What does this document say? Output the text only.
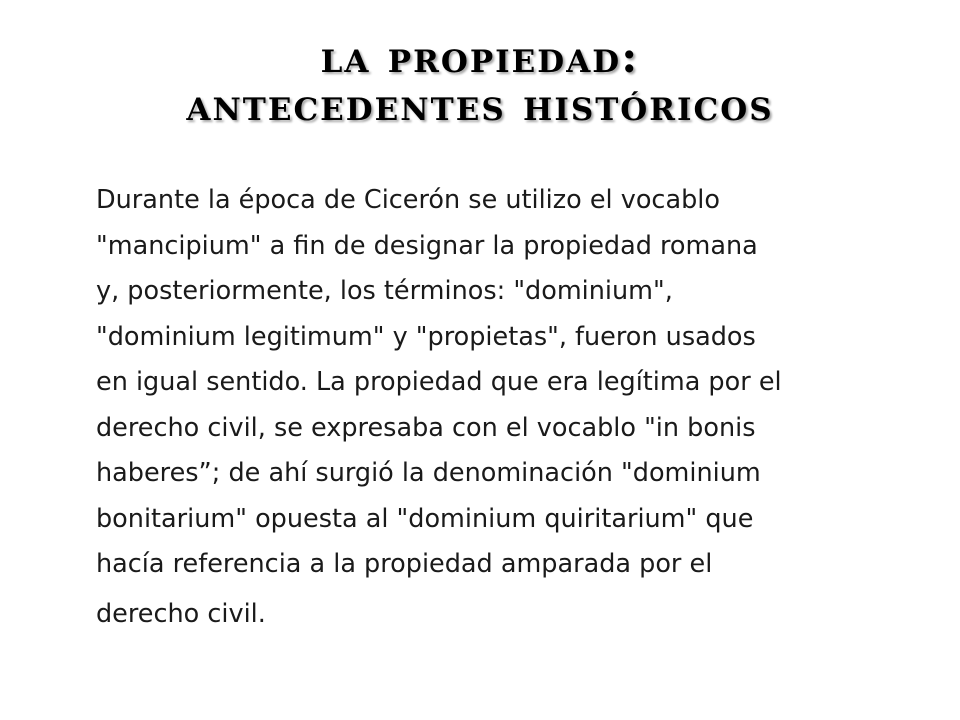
la propiedad:
antecedentes históricos
Durante la época de Cicerón se utilizo el vocablo
"mancipium" a fin de designar la propiedad romana
y, posteriormente, los términos: "dominium",
"dominium legitimum" y "propietas", fueron usados
en igual sentido. La propiedad que era legítima por el
derecho civil, se expresaba con el vocablo "in bonis
haberes”; de ahí surgió la denominación "dominium
bonitarium" opuesta al "dominium quiritarium" que
hacía referencia a la propiedad amparada por el
derecho civil.
